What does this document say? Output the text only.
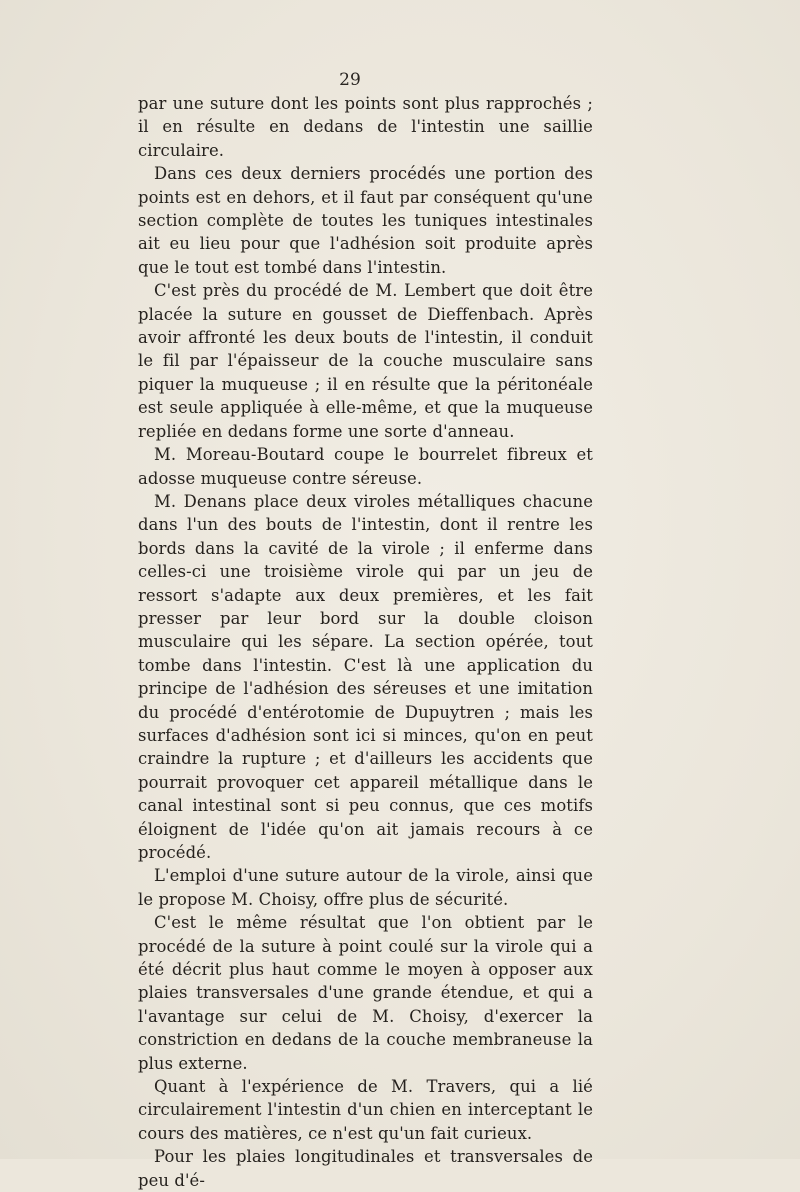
29

par une suture dont les points sont plus rapprochés ; il en résulte en dedans de l'intestin une saillie circulaire.

Dans ces deux derniers procédés une portion des points est en dehors, et il faut par conséquent qu'une section complète de toutes les tuniques intestinales ait eu lieu pour que l'adhésion soit produite après que le tout est tombé dans l'intestin.

C'est près du procédé de M. Lembert que doit être placée la suture en gousset de Dieffenbach. Après avoir affronté les deux bouts de l'intestin, il conduit le fil par l'épaisseur de la couche musculaire sans piquer la muqueuse ; il en résulte que la péritonéale est seule appliquée à elle-même, et que la muqueuse repliée en dedans forme une sorte d'anneau.

M. Moreau-Boutard coupe le bourrelet fibreux et adosse muqueuse contre séreuse.

M. Denans place deux viroles métalliques chacune dans l'un des bouts de l'intestin, dont il rentre les bords dans la cavité de la virole ; il enferme dans celles-ci une troisième virole qui par un jeu de ressort s'adapte aux deux premières, et les fait presser par leur bord sur la double cloison musculaire qui les sépare. La section opérée, tout tombe dans l'intestin. C'est là une application du principe de l'adhésion des séreuses et une imitation du procédé d'entérotomie de Dupuytren ; mais les surfaces d'adhésion sont ici si minces, qu'on en peut craindre la rupture ; et d'ailleurs les accidents que pourrait provoquer cet appareil métallique dans le canal intestinal sont si peu connus, que ces motifs éloignent de l'idée qu'on ait jamais recours à ce procédé.

L'emploi d'une suture autour de la virole, ainsi que le propose M. Choisy, offre plus de sécurité.

C'est le même résultat que l'on obtient par le procédé de la suture à point coulé sur la virole qui a été décrit plus haut comme le moyen à opposer aux plaies transversales d'une grande étendue, et qui a l'avantage sur celui de M. Choisy, d'exercer la constriction en dedans de la couche membraneuse la plus externe.

Quant à l'expérience de M. Travers, qui a lié circulairement l'intestin d'un chien en interceptant le cours des matières, ce n'est qu'un fait curieux.

Pour les plaies longitudinales et transversales de peu d'é-
